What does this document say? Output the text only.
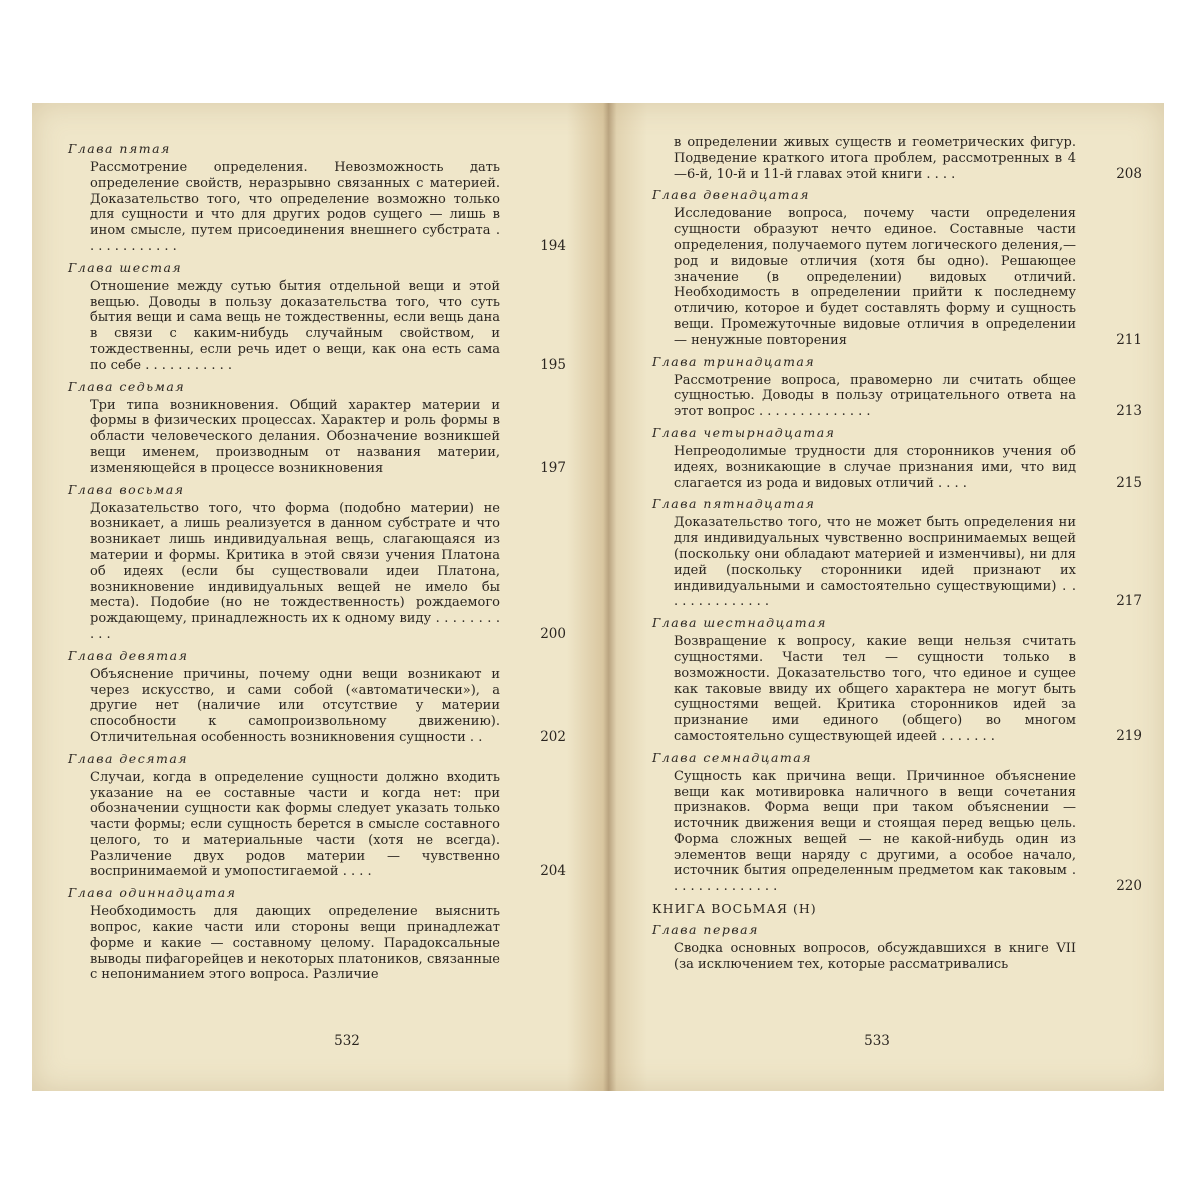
Глава пятая
Рассмотрение определения. Невозможность дать определение свойств, неразрывно связанных с материей. Доказательство того, что определение возможно только для сущности и что для других родов сущего — лишь в ином смысле, путем присоединения внешнего субстрата . . . . . . . . . . . .	194
Глава шестая
Отношение между сутью бытия отдельной вещи и этой вещью. Доводы в пользу доказательства того, что суть бытия вещи и сама вещь не тождественны, если вещь дана в связи с каким-нибудь случайным свойством, и тождественны, если речь идет о вещи, как она есть сама по себе . . . . . . . . . . .	195
Глава седьмая
Три типа возникновения. Общий характер материи и формы в физических процессах. Характер и роль формы в области человеческого делания. Обозначение возникшей вещи именем, производным от названия материи, изменяющейся в процессе возникновения	197
Глава восьмая
Доказательство того, что форма (подобно материи) не возникает, а лишь реализуется в данном субстрате и что возникает лишь индивидуальная вещь, слагающаяся из материи и формы. Критика в этой связи учения Платона об идеях (если бы существовали идеи Платона, возникновение индивидуальных вещей не имело бы места). Подобие (но не тождественность) рождаемого рождающему, принадлежность их к одному виду . . . . . . . . . . .	200
Глава девятая
Объяснение причины, почему одни вещи возникают и через искусство, и сами собой («автоматически»), а другие нет (наличие или отсутствие у материи способности к самопроизвольному движению). Отличительная особенность возникновения сущности . .	202
Глава десятая
Случаи, когда в определение сущности должно входить указание на ее составные части и когда нет: при обозначении сущности как формы следует указать только части формы; если сущность берется в смысле составного целого, то и материальные части (хотя не всегда). Различение двух родов материи — чувственно воспринимаемой и умопостигаемой . . . .	204
Глава одиннадцатая
Необходимость для дающих определение выяснить вопрос, какие части или стороны вещи принадлежат форме и какие — составному целому. Парадоксальные выводы пифагорейцев и некоторых платоников, связанные с непониманием этого вопроса. Различие
532
в определении живых существ и геометрических фигур. Подведение краткого итога проблем, рассмотренных в 4—6-й, 10-й и 11-й главах этой книги . . . .	208
Глава двенадцатая
Исследование вопроса, почему части определения сущности образуют нечто единое. Составные части определения, получаемого путем логического деления,— род и видовые отличия (хотя бы одно). Решающее значение (в определении) видовых отличий. Необходимость в определении прийти к последнему отличию, которое и будет составлять форму и сущность вещи. Промежуточные видовые отличия в определении — ненужные повторения	211
Глава тринадцатая
Рассмотрение вопроса, правомерно ли считать общее сущностью. Доводы в пользу отрицательного ответа на этот вопрос . . . . . . . . . . . . . .	213
Глава четырнадцатая
Непреодолимые трудности для сторонников учения об идеях, возникающие в случае признания ими, что вид слагается из рода и видовых отличий . . . .	215
Глава пятнадцатая
Доказательство того, что не может быть определения ни для индивидуальных чувственно воспринимаемых вещей (поскольку они обладают материей и изменчивы), ни для идей (поскольку сторонники идей признают их индивидуальными и самостоятельно существующими) . . . . . . . . . . . . . .	217
Глава шестнадцатая
Возвращение к вопросу, какие вещи нельзя считать сущностями. Части тел — сущности только в возможности. Доказательство того, что единое и сущее как таковые ввиду их общего характера не могут быть сущностями вещей. Критика сторонников идей за признание ими единого (общего) во многом самостоятельно существующей идеей . . . . . . .	219
Глава семнадцатая
Сущность как причина вещи. Причинное объяснение вещи как мотивировка наличного в вещи сочетания признаков. Форма вещи при таком объяснении — источник движения вещи и стоящая перед вещью цель. Форма сложных вещей — не какой-нибудь один из элементов вещи наряду с другими, а особое начало, источник бытия определенным предметом как таковым . . . . . . . . . . . . . .	220
КНИГА ВОСЬМАЯ (Н)
Глава первая
Сводка основных вопросов, обсуждавшихся в книге VII (за исключением тех, которые рассматривались
533
